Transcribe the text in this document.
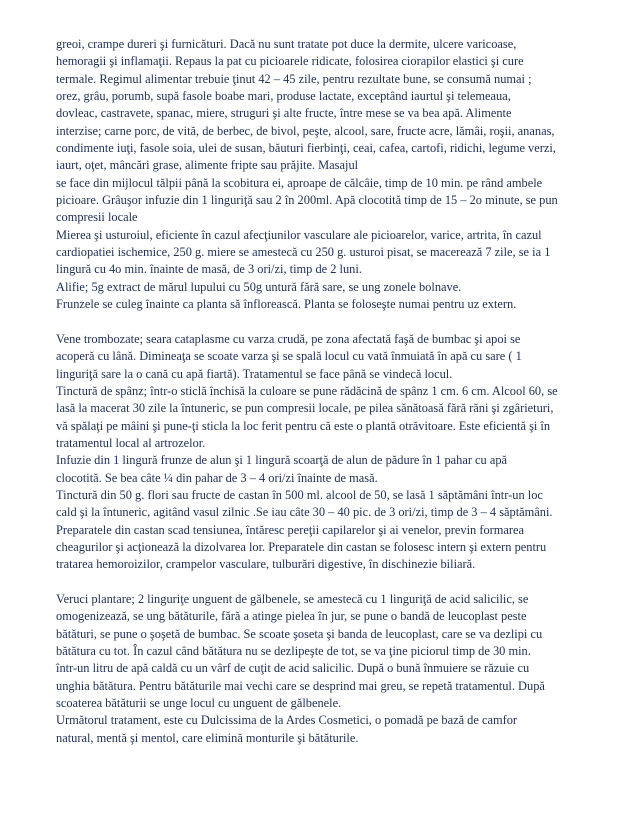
greoi, crampe dureri şi furnicături. Dacă nu sunt tratate pot duce la dermite, ulcere varicoase,
hemoragii şi inflamaţii. Repaus la pat cu picioarele ridicate, folosirea ciorapilor elastici şi cure
termale. Regimul alimentar trebuie ţinut 42 – 45 zile, pentru rezultate bune, se consumă numai ;
orez, grâu, porumb, supă fasole boabe mari, produse lactate, exceptând iaurtul şi telemeaua,
dovleac, castravete, spanac, miere, struguri şi alte fructe, între mese se va bea apă. Alimente
interzise; carne porc, de vită, de berbec, de bivol, peşte, alcool, sare, fructe acre, lămâi, roşii, ananas,
condimente iuţi, fasole soia, ulei de susan, băuturi fierbinţi, ceai, cafea, cartofi, ridichi, legume verzi,
iaurt, oţet, mâncări grase, alimente fripte sau prăjite. Masajul
se face din mijlocul tălpii până la scobitura ei, aproape de călcâie, timp de 10 min. pe rând ambele
picioare. Grâuşor infuzie din 1 linguriţă sau 2 în 200ml. Apă clocotită timp de 15 – 2o minute, se pun
compresii locale
Mierea şi usturoiul, eficiente în cazul afecţiunilor vasculare ale picioarelor, varice, artrita, în cazul
cardiopatiei ischemice, 250 g. miere se amestecă cu 250 g. usturoi pisat, se macerează 7 zile, se ia 1
lingură cu 4o min. înainte de masă, de 3 ori/zi, timp de 2 luni.
Alifie; 5g extract de mărul lupului cu 50g untură fără sare, se ung zonele bolnave.
Frunzele se culeg înainte ca planta să înflorească. Planta se foloseşte numai pentru uz extern.
Vene trombozate; seara cataplasme cu varza crudă, pe zona afectată faşă de bumbac şi apoi se
acoperă cu lână. Dimineaţa se scoate varza şi se spală locul cu vată înmuiată în apă cu sare ( 1
linguriţă sare la o cană cu apă fiartă). Tratamentul se face până se vindecă locul.
Tinctură de spânz; într-o sticlă închisă la culoare se pune rădăcină de spânz 1 cm. 6 cm. Alcool 60, se
lasă la macerat 30 zile la întuneric, se pun compresii locale, pe pilea sănătoasă fără răni şi zgârieturi,
vă spălaţi pe mâini şi pune-ţi sticla la loc ferit pentru că este o plantă otrăvitoare. Este eficientă şi în
tratamentul local al artrozelor.
Infuzie din 1 lingură frunze de alun şi 1 lingură scoarţă de alun de pădure în 1 pahar cu apă
clocotită. Se bea câte ¼ din pahar de 3 – 4 ori/zi înainte de masă.
Tinctură din 50 g. flori sau fructe de castan în 500 ml. alcool de 50, se lasă 1 săptămâni într-un loc
cald şi la întuneric, agitând vasul zilnic .Se iau câte 30 – 40 pic. de 3 ori/zi, timp de 3 – 4 săptămâni.
Preparatele din castan scad tensiunea, întăresc pereţii capilarelor şi ai venelor, previn formarea
cheagurilor şi acţionează la dizolvarea lor. Preparatele din castan se folosesc intern şi extern pentru
tratarea hemoroizilor, crampelor vasculare, tulburări digestive, în dischinezie biliară.
Veruci plantare; 2 linguriţe unguent de gălbenele, se amestecă cu 1 linguriţă de acid salicilic, se
omogenizează, se ung bătăturile, fără a atinge pielea în jur, se pune o bandă de leucoplast peste
bătături, se pune o şoşetă de bumbac. Se scoate şoseta şi banda de leucoplast, care se va dezlipi cu
bătătura cu tot. În cazul când bătătura nu se dezlipeşte de tot, se va ţine piciorul timp de 30 min.
într-un litru de apă caldă cu un vârf de cuţit de acid salicilic. După o bună înmuiere se răzuie cu
unghia bătătura. Pentru bătăturile mai vechi care se desprind mai greu, se repetă tratamentul. După
scoaterea bătăturii se unge locul cu unguent de gălbenele.
Următorul tratament, este cu Dulcissima de la Ardes Cosmetici, o pomadă pe bază de camfor
natural, mentă şi mentol, care elimină monturile şi bătăturile.
